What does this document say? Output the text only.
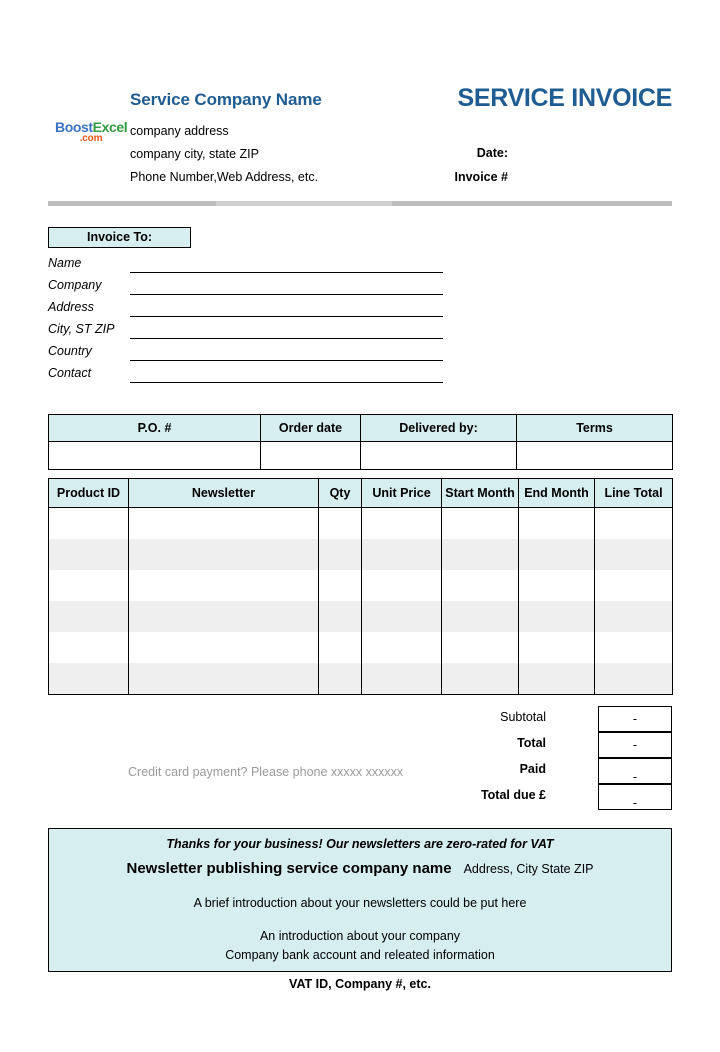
Service Company Name
BoostExcel
.com
company address
company city, state ZIP
Phone Number,Web Address, etc.
SERVICE INVOICE
Date:
Invoice #
Invoice To:
Name
Company
Address
City, ST ZIP
Country
Contact
P.O. #	Order date	Delivered by:	Terms

Product ID	Newsletter	Qty	Unit Price	Start Month	End Month	Line Total

Subtotal	-
Total	-
Paid
-
Total due £
-
Credit card payment? Please phone xxxxx xxxxxx
Thanks for your business! Our newsletters are zero-rated for VAT
Newsletter publishing service company name Address, City State ZIP
A brief introduction about your newsletters could be put here
An introduction about your company
Company bank account and releated information
VAT ID, Company #, etc.
